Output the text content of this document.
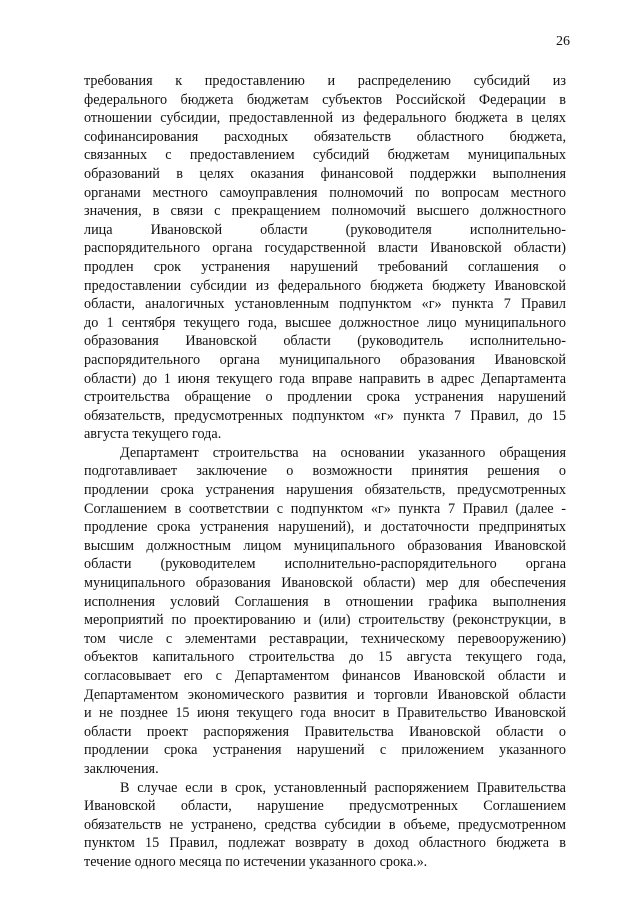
26
требования к предоставлению и распределению субсидий из
федерального бюджета бюджетам субъектов Российской Федерации в
отношении субсидии, предоставленной из федерального бюджета в целях
софинансирования расходных обязательств областного бюджета,
связанных с предоставлением субсидий бюджетам муниципальных
образований в целях оказания финансовой поддержки выполнения
органами местного самоуправления полномочий по вопросам местного
значения, в связи с прекращением полномочий высшего должностного
лица Ивановской области (руководителя исполнительно-
распорядительного органа государственной власти Ивановской области)
продлен срок устранения нарушений требований соглашения о
предоставлении субсидии из федерального бюджета бюджету Ивановской
области, аналогичных установленным подпунктом «г» пункта 7 Правил
до 1 сентября текущего года, высшее должностное лицо муниципального
образования Ивановской области (руководитель исполнительно-
распорядительного органа муниципального образования Ивановской
области) до 1 июня текущего года вправе направить в адрес Департамента
строительства обращение о продлении срока устранения нарушений
обязательств, предусмотренных подпунктом «г» пункта 7 Правил, до 15
августа текущего года.
Департамент строительства на основании указанного обращения
подготавливает заключение о возможности принятия решения о
продлении срока устранения нарушения обязательств, предусмотренных
Соглашением в соответствии с подпунктом «г» пункта 7 Правил (далее -
продление срока устранения нарушений), и достаточности предпринятых
высшим должностным лицом муниципального образования Ивановской
области (руководителем исполнительно-распорядительного органа
муниципального образования Ивановской области) мер для обеспечения
исполнения условий Соглашения в отношении графика выполнения
мероприятий по проектированию и (или) строительству (реконструкции, в
том числе с элементами реставрации, техническому перевооружению)
объектов капитального строительства до 15 августа текущего года,
согласовывает его с Департаментом финансов Ивановской области и
Департаментом экономического развития и торговли Ивановской области
и не позднее 15 июня текущего года вносит в Правительство Ивановской
области проект распоряжения Правительства Ивановской области о
продлении срока устранения нарушений с приложением указанного
заключения.
В случае если в срок, установленный распоряжением Правительства
Ивановской области, нарушение предусмотренных Соглашением
обязательств не устранено, средства субсидии в объеме, предусмотренном
пунктом 15 Правил, подлежат возврату в доход областного бюджета в
течение одного месяца по истечении указанного срока.».
